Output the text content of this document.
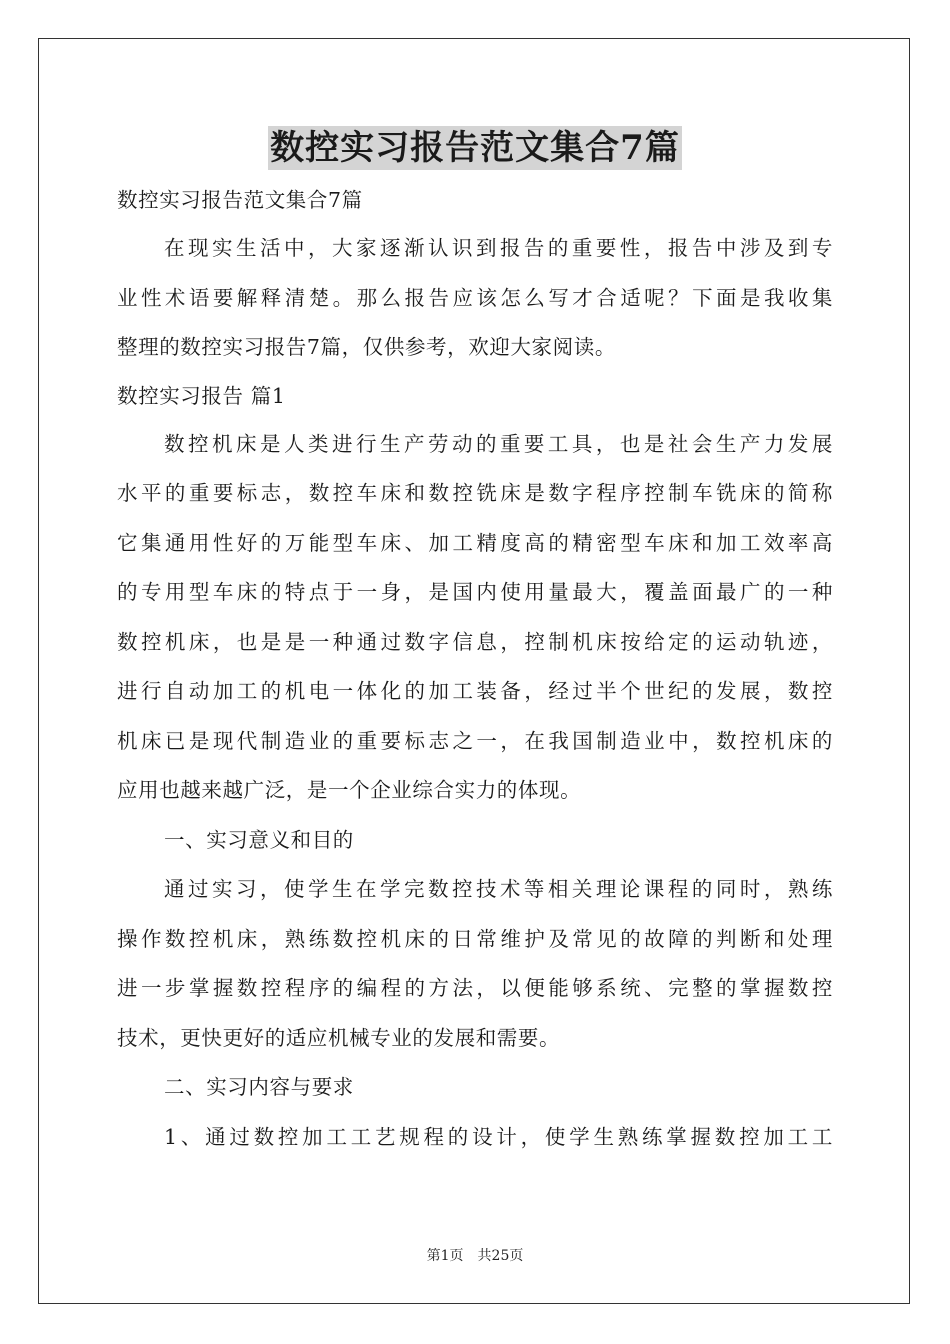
数控实习报告范文集合7篇

数控实习报告范文集合7篇

在现实生活中，大家逐渐认识到报告的重要性，报告中涉及到专

业性术语要解释清楚。那么报告应该怎么写才合适呢？下面是我收集

整理的数控实习报告7篇，仅供参考，欢迎大家阅读。

数控实习报告 篇1

数控机床是人类进行生产劳动的重要工具，也是社会生产力发展

水平的重要标志，数控车床和数控铣床是数字程序控制车铣床的简称

它集通用性好的万能型车床、加工精度高的精密型车床和加工效率高

的专用型车床的特点于一身，是国内使用量最大，覆盖面最广的一种

数控机床，也是是一种通过数字信息，控制机床按给定的运动轨迹，

进行自动加工的机电一体化的加工装备，经过半个世纪的发展，数控

机床已是现代制造业的重要标志之一，在我国制造业中，数控机床的

应用也越来越广泛，是一个企业综合实力的体现。

一、实习意义和目的

通过实习，使学生在学完数控技术等相关理论课程的同时，熟练

操作数控机床，熟练数控机床的日常维护及常见的故障的判断和处理

进一步掌握数控程序的编程的方法，以便能够系统、完整的掌握数控

技术，更快更好的适应机械专业的发展和需要。

二、实习内容与要求

1、通过数控加工工艺规程的设计，使学生熟练掌握数控加工工

第1页 共25页
